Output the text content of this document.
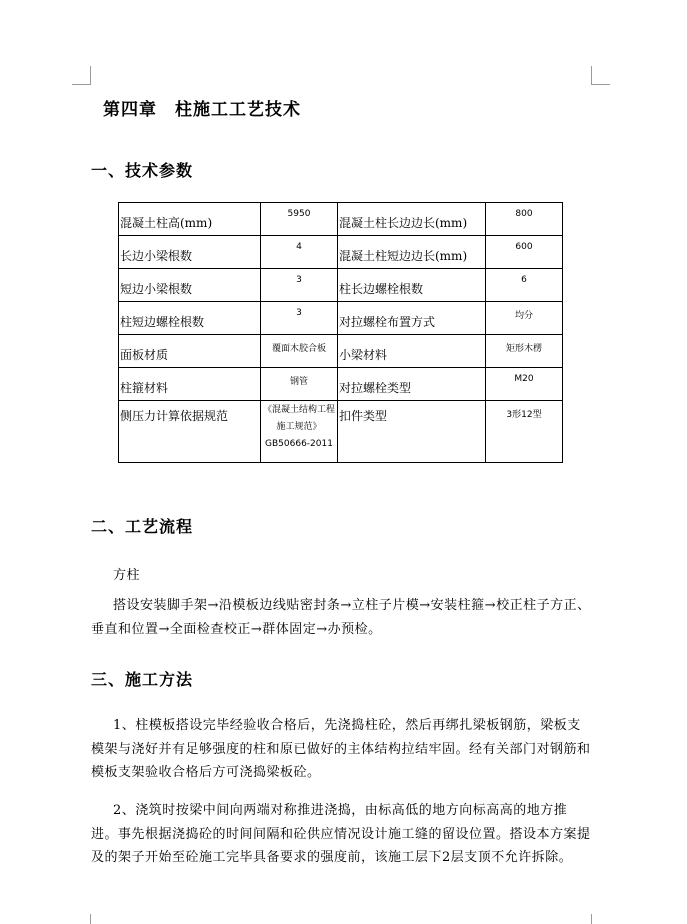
第四章　柱施工工艺技术
一、技术参数
混凝土柱高(mm)	5950	混凝土柱长边边长(mm)	800
长边小梁根数	4	混凝土柱短边边长(mm)	600
短边小梁根数	3	柱长边螺栓根数	6
柱短边螺栓根数	3	对拉螺栓布置方式	均分
面板材质	覆面木胶合板	小梁材料	矩形木楞
柱箍材料	钢管	对拉螺栓类型	M20
侧压力计算依据规范	《混凝土结构工程施工规范》GB50666-2011	扣件类型	3形12型
二、工艺流程
方柱
搭设安装脚手架→沿模板边线贴密封条→立柱子片模→安装柱箍→校正柱子方正、垂直和位置→全面检查校正→群体固定→办预检。
三、施工方法
1、柱模板搭设完毕经验收合格后，先浇捣柱砼，然后再绑扎梁板钢筋，梁板支模架与浇好并有足够强度的柱和原已做好的主体结构拉结牢固。经有关部门对钢筋和模板支架验收合格后方可浇捣梁板砼。
2、浇筑时按梁中间向两端对称推进浇捣，由标高低的地方向标高高的地方推进。事先根据浇捣砼的时间间隔和砼供应情况设计施工缝的留设位置。搭设本方案提及的架子开始至砼施工完毕具备要求的强度前，该施工层下2层支顶不允许拆除。
